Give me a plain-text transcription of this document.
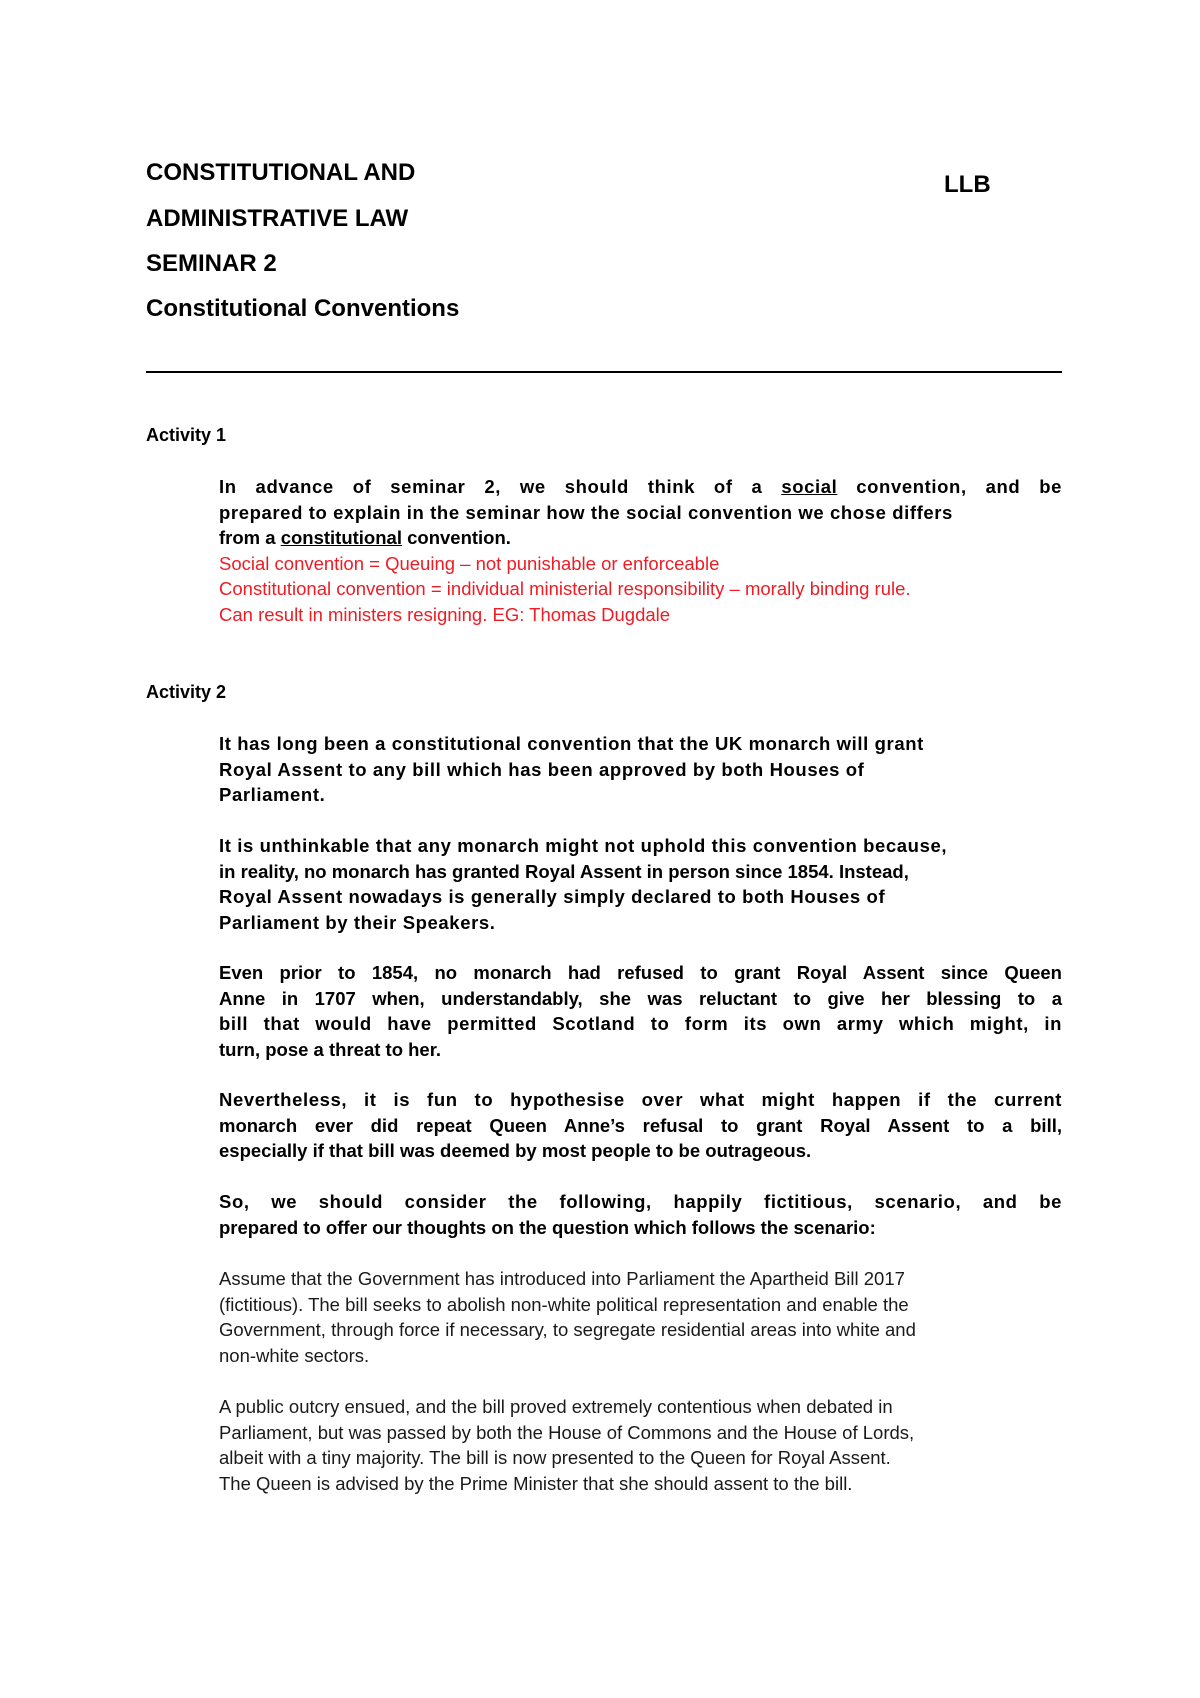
CONSTITUTIONAL AND
ADMINISTRATIVE LAW
SEMINAR 2
Constitutional Conventions
LLB
Activity 1
In advance of seminar 2, we should think of a social convention, and be
prepared to explain in the seminar how the social convention we chose differs
from a constitutional convention.
Social convention = Queuing – not punishable or enforceable
Constitutional convention = individual ministerial responsibility – morally binding rule.
Can result in ministers resigning. EG: Thomas Dugdale
Activity 2
It has long been a constitutional convention that the UK monarch will grant
Royal Assent to any bill which has been approved by both Houses of
Parliament.
It is unthinkable that any monarch might not uphold this convention because,
in reality, no monarch has granted Royal Assent in person since 1854. Instead,
Royal Assent nowadays is generally simply declared to both Houses of
Parliament by their Speakers.
Even prior to 1854, no monarch had refused to grant Royal Assent since Queen
Anne in 1707 when, understandably, she was reluctant to give her blessing to a
bill that would have permitted Scotland to form its own army which might, in
turn, pose a threat to her.
Nevertheless, it is fun to hypothesise over what might happen if the current
monarch ever did repeat Queen Anne’s refusal to grant Royal Assent to a bill,
especially if that bill was deemed by most people to be outrageous.
So, we should consider the following, happily fictitious, scenario, and be
prepared to offer our thoughts on the question which follows the scenario:
Assume that the Government has introduced into Parliament the Apartheid Bill 2017
(fictitious). The bill seeks to abolish non-white political representation and enable the
Government, through force if necessary, to segregate residential areas into white and
non-white sectors.
A public outcry ensued, and the bill proved extremely contentious when debated in
Parliament, but was passed by both the House of Commons and the House of Lords,
albeit with a tiny majority. The bill is now presented to the Queen for Royal Assent.
The Queen is advised by the Prime Minister that she should assent to the bill.
